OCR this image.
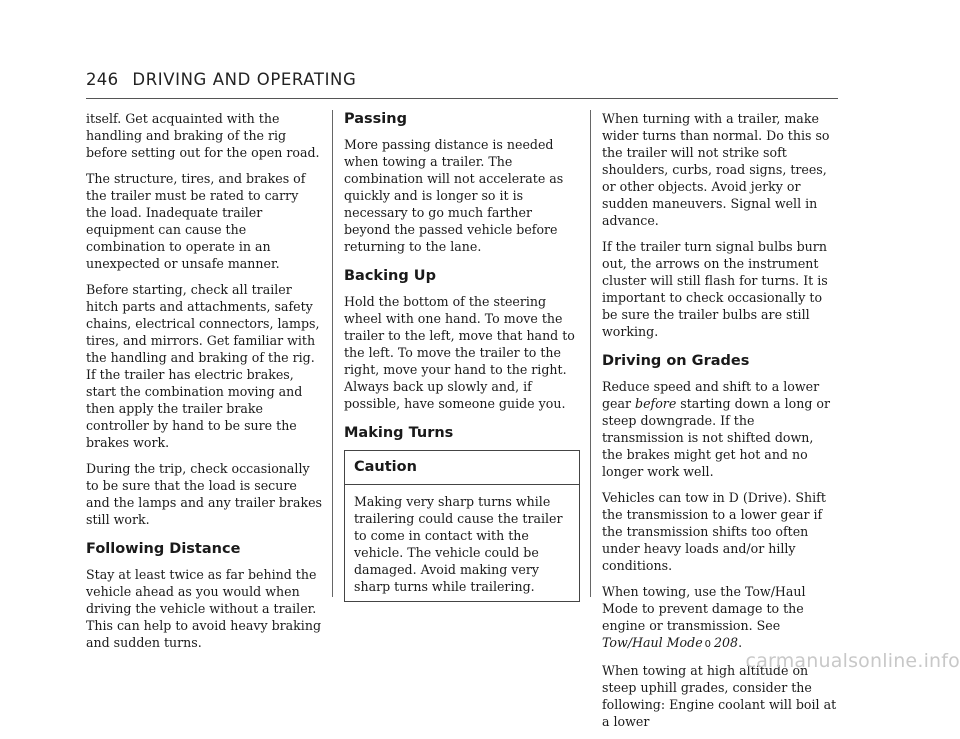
246 DRIVING AND OPERATING

itself. Get acquainted with the handling and braking of the rig before setting out for the open road.

The structure, tires, and brakes of the trailer must be rated to carry the load. Inadequate trailer equipment can cause the combination to operate in an unexpected or unsafe manner.

Before starting, check all trailer hitch parts and attachments, safety chains, electrical connectors, lamps, tires, and mirrors. Get familiar with the handling and braking of the rig. If the trailer has electric brakes, start the combination moving and then apply the trailer brake controller by hand to be sure the brakes work.

During the trip, check occasionally to be sure that the load is secure and the lamps and any trailer brakes still work.

Following Distance

Stay at least twice as far behind the vehicle ahead as you would when driving the vehicle without a trailer. This can help to avoid heavy braking and sudden turns.

Passing

More passing distance is needed when towing a trailer. The combination will not accelerate as quickly and is longer so it is necessary to go much farther beyond the passed vehicle before returning to the lane.

Backing Up

Hold the bottom of the steering wheel with one hand. To move the trailer to the left, move that hand to the left. To move the trailer to the right, move your hand to the right. Always back up slowly and, if possible, have someone guide you.

Making Turns
Caution
Making very sharp turns while trailering could cause the trailer to come in contact with the vehicle. The vehicle could be damaged. Avoid making very sharp turns while trailering.

When turning with a trailer, make wider turns than normal. Do this so the trailer will not strike soft shoulders, curbs, road signs, trees, or other objects. Avoid jerky or sudden maneuvers. Signal well in advance.

If the trailer turn signal bulbs burn out, the arrows on the instrument cluster will still flash for turns. It is important to check occasionally to be sure the trailer bulbs are still working.

Driving on Grades

Reduce speed and shift to a lower gear before starting down a long or steep downgrade. If the transmission is not shifted down, the brakes might get hot and no longer work well.

Vehicles can tow in D (Drive). Shift the transmission to a lower gear if the transmission shifts too often under heavy loads and/or hilly conditions.

When towing, use the Tow/Haul Mode to prevent damage to the engine or transmission. See Tow/Haul Mode 0 208.

When towing at high altitude on steep uphill grades, consider the following: Engine coolant will boil at a lower

carmanualsonline.info
